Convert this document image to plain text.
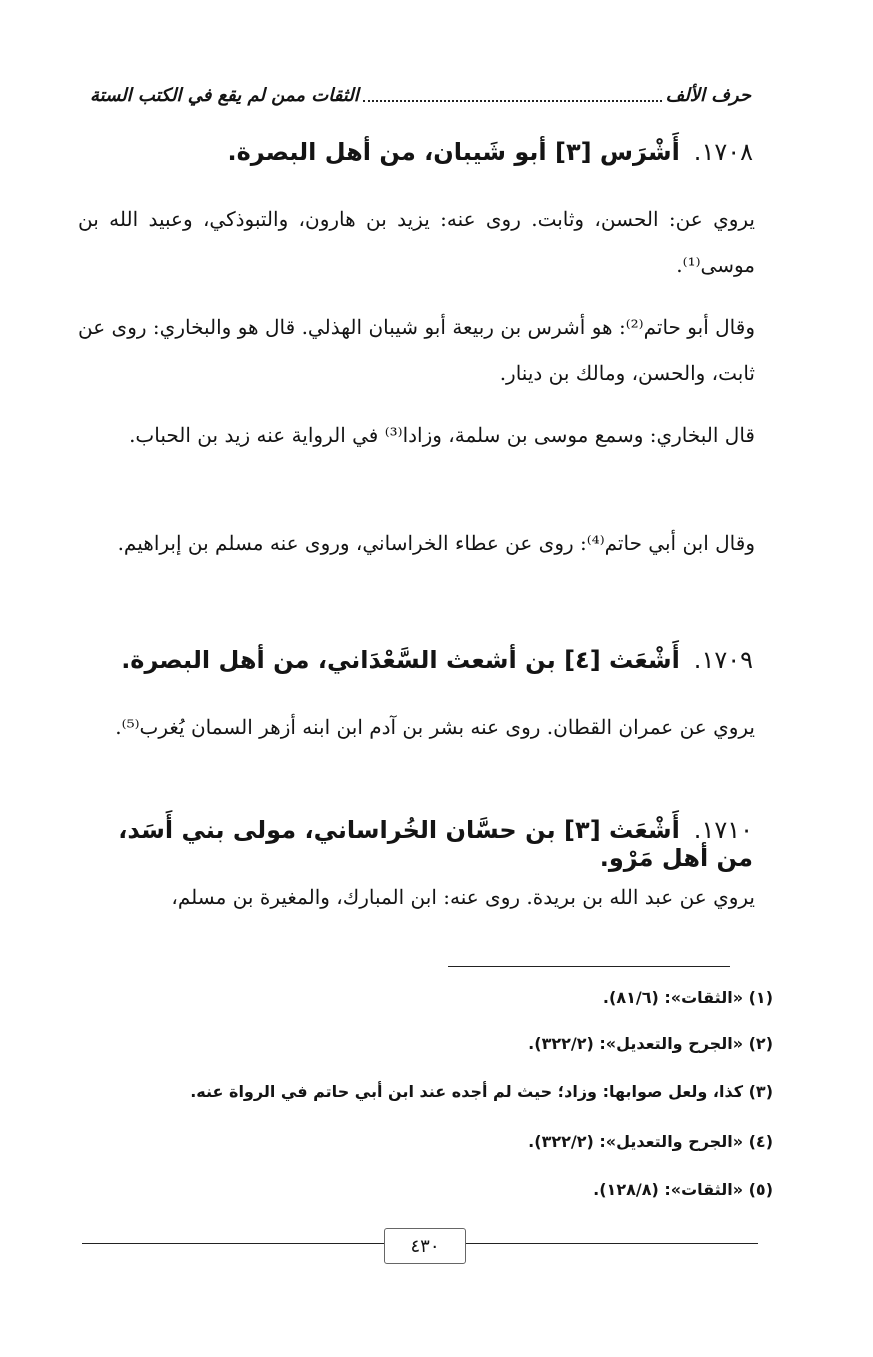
حرف الألف
الثقات ممن لم يقع في الكتب الستة
١٧٠٨.أَشْرَس [٣] أبو شَيبان، من أهل البصرة.

يروي عن: الحسن، وثابت. روى عنه: يزيد بن هارون، والتبوذكي، وعبيد الله بن موسى⁽¹⁾.

وقال أبو حاتم⁽²⁾: هو أشرس بن ربيعة أبو شيبان الهذلي. قال هو والبخاري: روى عن ثابت، والحسن، ومالك بن دينار.

قال البخاري: وسمع موسى بن سلمة، وزادا⁽³⁾ في الرواية عنه زيد بن الحباب.

وقال ابن أبي حاتم⁽⁴⁾: روى عن عطاء الخراساني، وروى عنه مسلم بن إبراهيم.

١٧٠٩.أَشْعَث [٤] بن أشعث السَّعْدَاني، من أهل البصرة.

يروي عن عمران القطان. روى عنه بشر بن آدم ابن ابنه أزهر السمان يُغرب⁽⁵⁾.

١٧١٠.أَشْعَث [٣] بن حسَّان الخُراساني، مولى بني أَسَد، من أهل مَرْو.

يروي عن عبد الله بن بريدة. روى عنه: ابن المبارك، والمغيرة بن مسلم،

(١) «الثقات»: (٨١/٦).
(٢) «الجرح والتعديل»: (٣٢٢/٢).
(٣) كذا، ولعل صوابها: وزاد؛ حيث لم أجده عند ابن أبي حاتم في الرواة عنه.
(٤) «الجرح والتعديل»: (٣٢٢/٢).
(٥) «الثقات»: (١٢٨/٨).
٤٣٠
